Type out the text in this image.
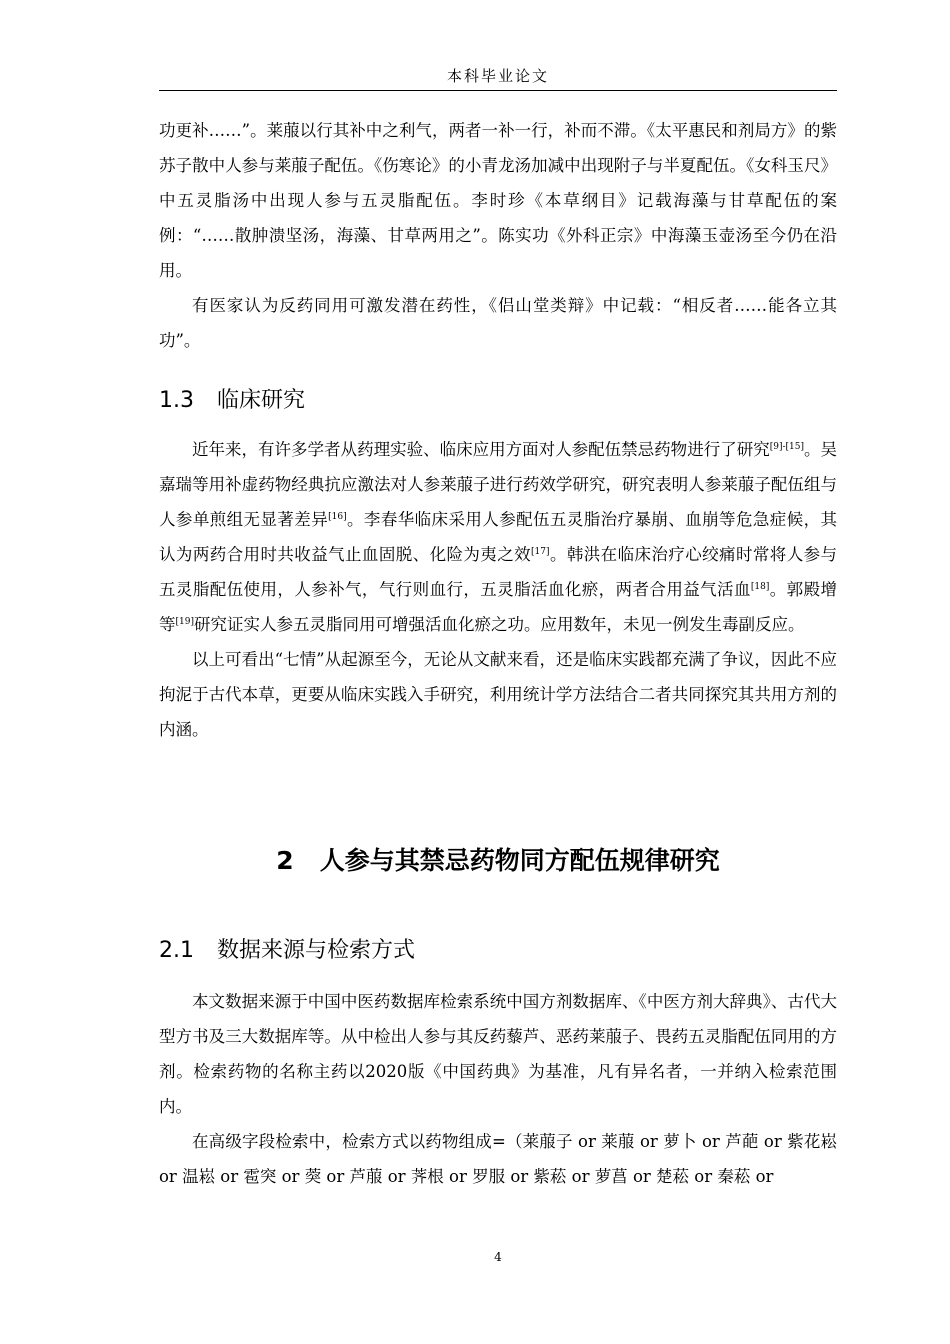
本科毕业论文

功更补……”。莱菔以行其补中之利气，两者一补一行，补而不滞。《太平惠民和剂局方》的紫苏子散中人参与莱菔子配伍。《伤寒论》的小青龙汤加减中出现附子与半夏配伍。《女科玉尺》中五灵脂汤中出现人参与五灵脂配伍。李时珍《本草纲目》记载海藻与甘草配伍的案例：“……散肿溃坚汤，海藻、甘草两用之”。陈实功《外科正宗》中海藻玉壶汤至今仍在沿用。

有医家认为反药同用可激发潜在药性，《侣山堂类辩》中记载：“相反者……能各立其功”。

1.3 临床研究

近年来，有许多学者从药理实验、临床应用方面对人参配伍禁忌药物进行了研究[9]-[15]。吴嘉瑞等用补虚药物经典抗应激法对人参莱菔子进行药效学研究，研究表明人参莱菔子配伍组与人参单煎组无显著差异[16]。李春华临床采用人参配伍五灵脂治疗暴崩、血崩等危急症候，其认为两药合用时共收益气止血固脱、化险为夷之效[17]。韩洪在临床治疗心绞痛时常将人参与五灵脂配伍使用，人参补气，气行则血行，五灵脂活血化瘀，两者合用益气活血[18]。郭殿增等[19]研究证实人参五灵脂同用可增强活血化瘀之功。应用数年，未见一例发生毒副反应。

以上可看出“七情”从起源至今，无论从文献来看，还是临床实践都充满了争议，因此不应拘泥于古代本草，更要从临床实践入手研究，利用统计学方法结合二者共同探究其共用方剂的内涵。

2 人参与其禁忌药物同方配伍规律研究
2.1 数据来源与检索方式

本文数据来源于中国中医药数据库检索系统中国方剂数据库、《中医方剂大辞典》、古代大型方书及三大数据库等。从中检出人参与其反药藜芦、恶药莱菔子、畏药五灵脂配伍同用的方剂。检索药物的名称主药以2020版《中国药典》为基准，凡有异名者，一并纳入检索范围内。

在高级字段检索中，检索方式以药物组成=（莱菔子 or 莱菔 or 萝卜 or 芦葩 or 紫花崧 or 温崧 or 雹突 or 葖 or 芦菔 or 荠根 or 罗服 or 紫菘 or 萝菖 or 楚菘 or 秦菘 or

4
